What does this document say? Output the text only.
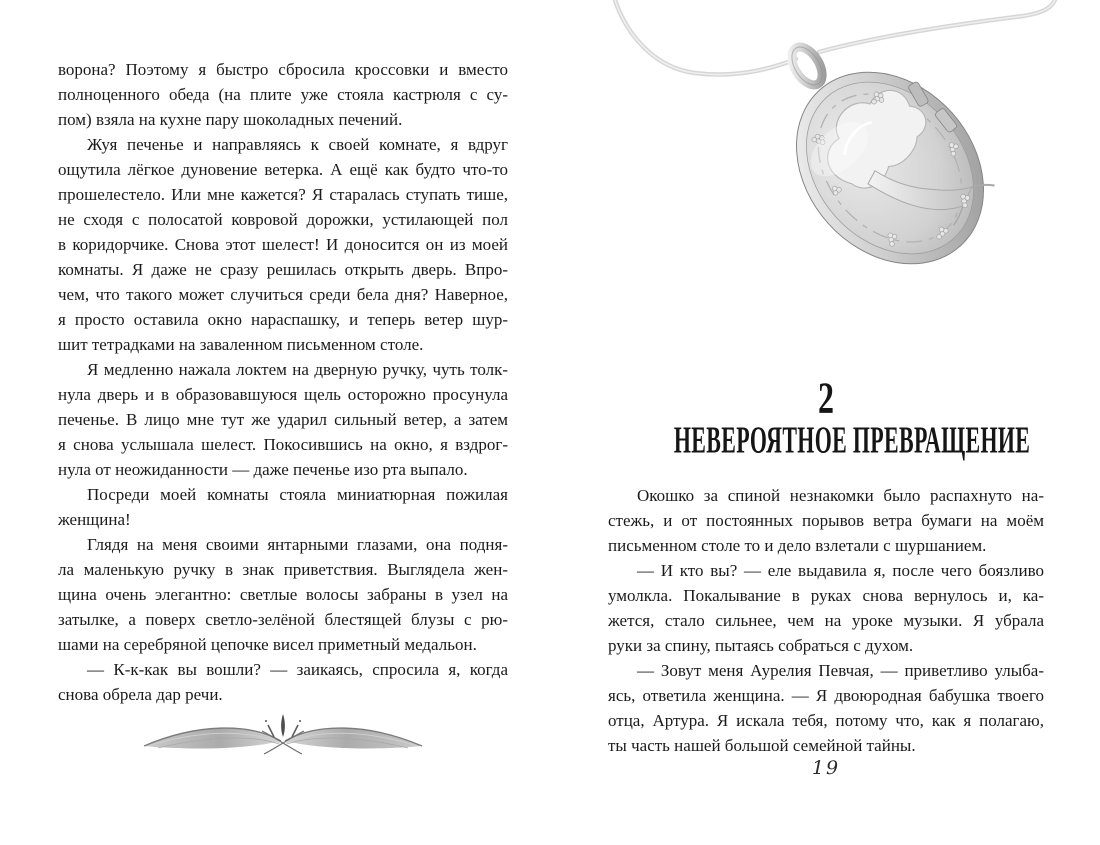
ворона? Поэтому я быстро сбросила кроссовки и вместо
полноценного обеда (на плите уже стояла кастрюля с су-
пом) взяла на кухне пару шоколадных печений.
Жуя печенье и направляясь к своей комнате, я вдруг
ощутила лёгкое дуновение ветерка. А ещё как будто что-то
прошелестело. Или мне кажется? Я старалась ступать тише,
не сходя с полосатой ковровой дорожки, устилающей пол
в коридорчике. Снова этот шелест! И доносится он из моей
комнаты. Я даже не сразу решилась открыть дверь. Впро-
чем, что такого может случиться среди бела дня? Наверное,
я просто оставила окно нараспашку, и теперь ветер шур-
шит тетрадками на заваленном письменном столе.
Я медленно нажала локтем на дверную ручку, чуть толк-
нула дверь и в образовавшуюся щель осторожно просунула
печенье. В лицо мне тут же ударил сильный ветер, а затем
я снова услышала шелест. Покосившись на окно, я вздрог-
нула от неожиданности — даже печенье изо рта выпало.
Посреди моей комнаты стояла миниатюрная пожилая
женщина!
Глядя на меня своими янтарными глазами, она подня-
ла маленькую ручку в знак приветствия. Выглядела жен-
щина очень элегантно: светлые волосы забраны в узел на
затылке, а поверх светло-зелёной блестящей блузы с рю-
шами на серебряной цепочке висел приметный медальон.
— К-к-как вы вошли? — заикаясь, спросила я, когда
снова обрела дар речи.
2
НЕВЕРОЯТНОЕ ПРЕВРАЩЕНИЕ
Окошко за спиной незнакомки было распахнуто на-
стежь, и от постоянных порывов ветра бумаги на моём
письменном столе то и дело взлетали с шуршанием.
— И кто вы? — еле выдавила я, после чего боязливо
умолкла. Покалывание в руках снова вернулось и, ка-
жется, стало сильнее, чем на уроке музыки. Я убрала
руки за спину, пытаясь собраться с духом.
— Зовут меня Аурелия Певчая, — приветливо улыба-
ясь, ответила женщина. — Я двоюродная бабушка твоего
отца, Артура. Я искала тебя, потому что, как я полагаю,
ты часть нашей большой семейной тайны.
19
